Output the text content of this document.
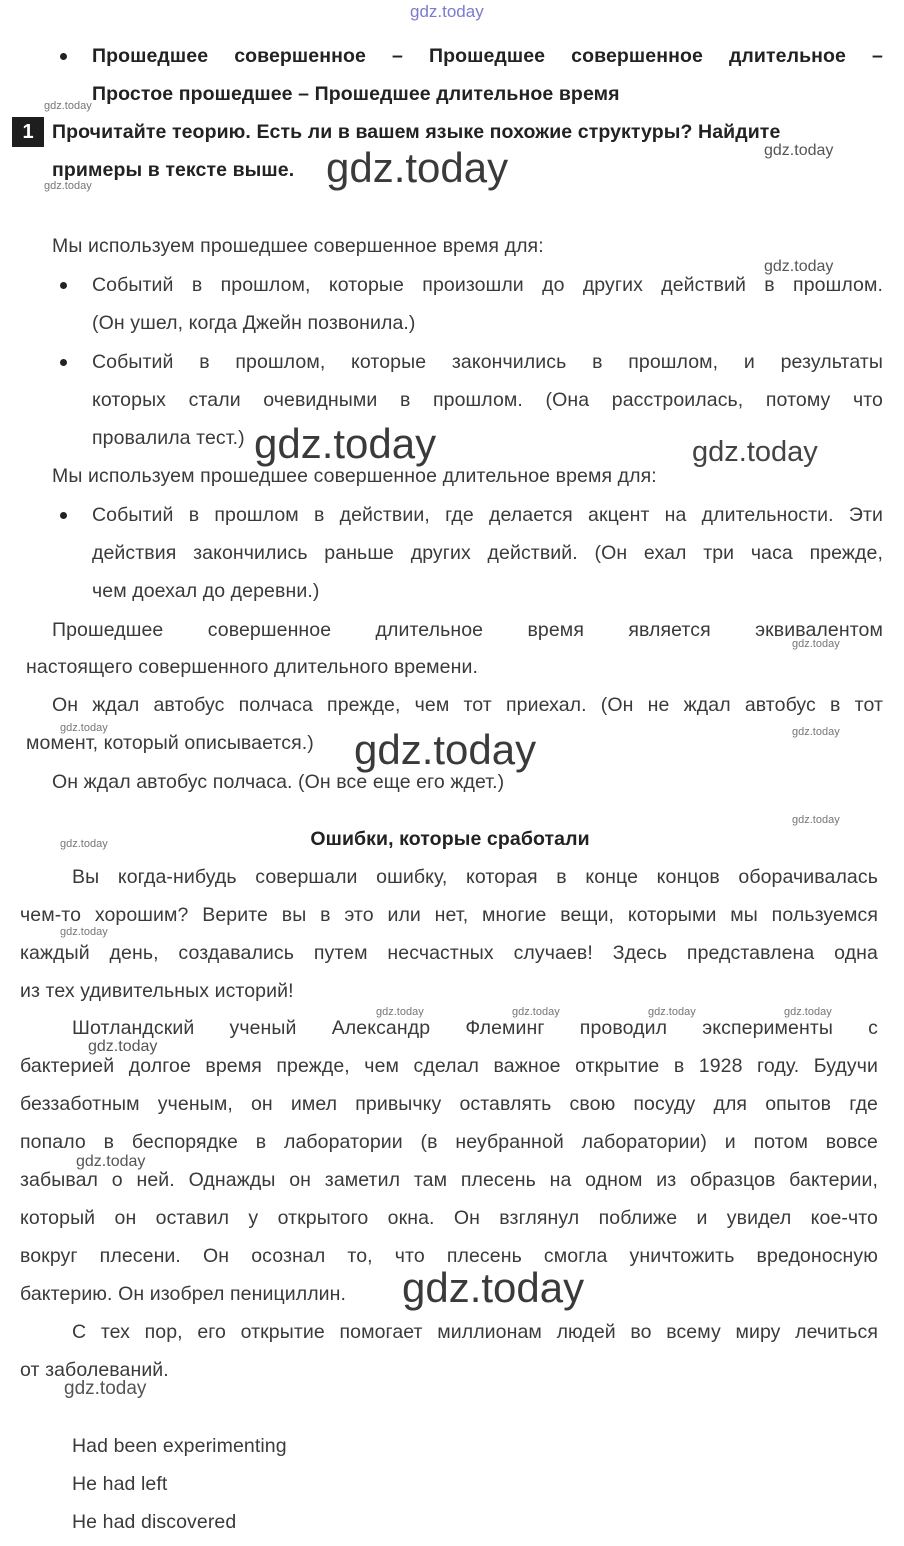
gdz.today
Прошедшее совершенное – Прошедшее совершенное длительное –
Простое прошедшее – Прошедшее длительное время
gdz.today
1 Прочитайте теорию. Есть ли в вашем языке похожие структуры? Найдите
gdz.today
примеры в тексте выше. gdz.today
gdz.today
Мы используем прошедшее совершенное время для:
gdz.today
Событий в прошлом, которые произошли до других действий в прошлом.
(Он ушел, когда Джейн позвонила.)
Событий в прошлом, которые закончились в прошлом, и результаты
которых стали очевидными в прошлом. (Она расстроилась, потому что
провалила тест.) gdz.today	gdz.today
Мы используем прошедшее совершенное длительное время для:
Событий в прошлом в действии, где делается акцент на длительности. Эти
действия закончились раньше других действий. (Он ехал три часа прежде,
чем доехал до деревни.)
Прошедшее совершенное длительное время является эквивалентом
gdz.today
настоящего совершенного длительного времени.
Он ждал автобус полчаса прежде, чем тот приехал. (Он не ждал автобус в тот
gdz.today	gdz.today
момент, который описывается.) gdz.today
Он ждал автобус полчаса. (Он все еще его ждет.)
gdz.today
Ошибки, которые сработали
gdz.today
Вы когда-нибудь совершали ошибку, которая в конце концов оборачивалась
чем-то хорошим? Верите вы в это или нет, многие вещи, которыми мы пользуемся
gdz.today
каждый день, создавались путем несчастных случаев! Здесь представлена одна
из тех удивительных историй!
gdz.today	gdz.today	gdz.today	gdz.today
Шотландский ученый Александр Флеминг проводил эксперименты с
gdz.today
бактерией долгое время прежде, чем сделал важное открытие в 1928 году. Будучи
беззаботным ученым, он имел привычку оставлять свою посуду для опытов где
попало в беспорядке в лаборатории (в неубранной лаборатории) и потом вовсе
gdz.today
забывал о ней. Однажды он заметил там плесень на одном из образцов бактерии,
который он оставил у открытого окна. Он взглянул поближе и увидел кое-что
вокруг плесени. Он осознал то, что плесень смогла уничтожить вредоносную
бактерию. Он изобрел пенициллин. gdz.today
С тех пор, его открытие помогает миллионам людей во всему миру лечиться
от заболеваний.
gdz.today
Had been experimenting
He had left
He had discovered
